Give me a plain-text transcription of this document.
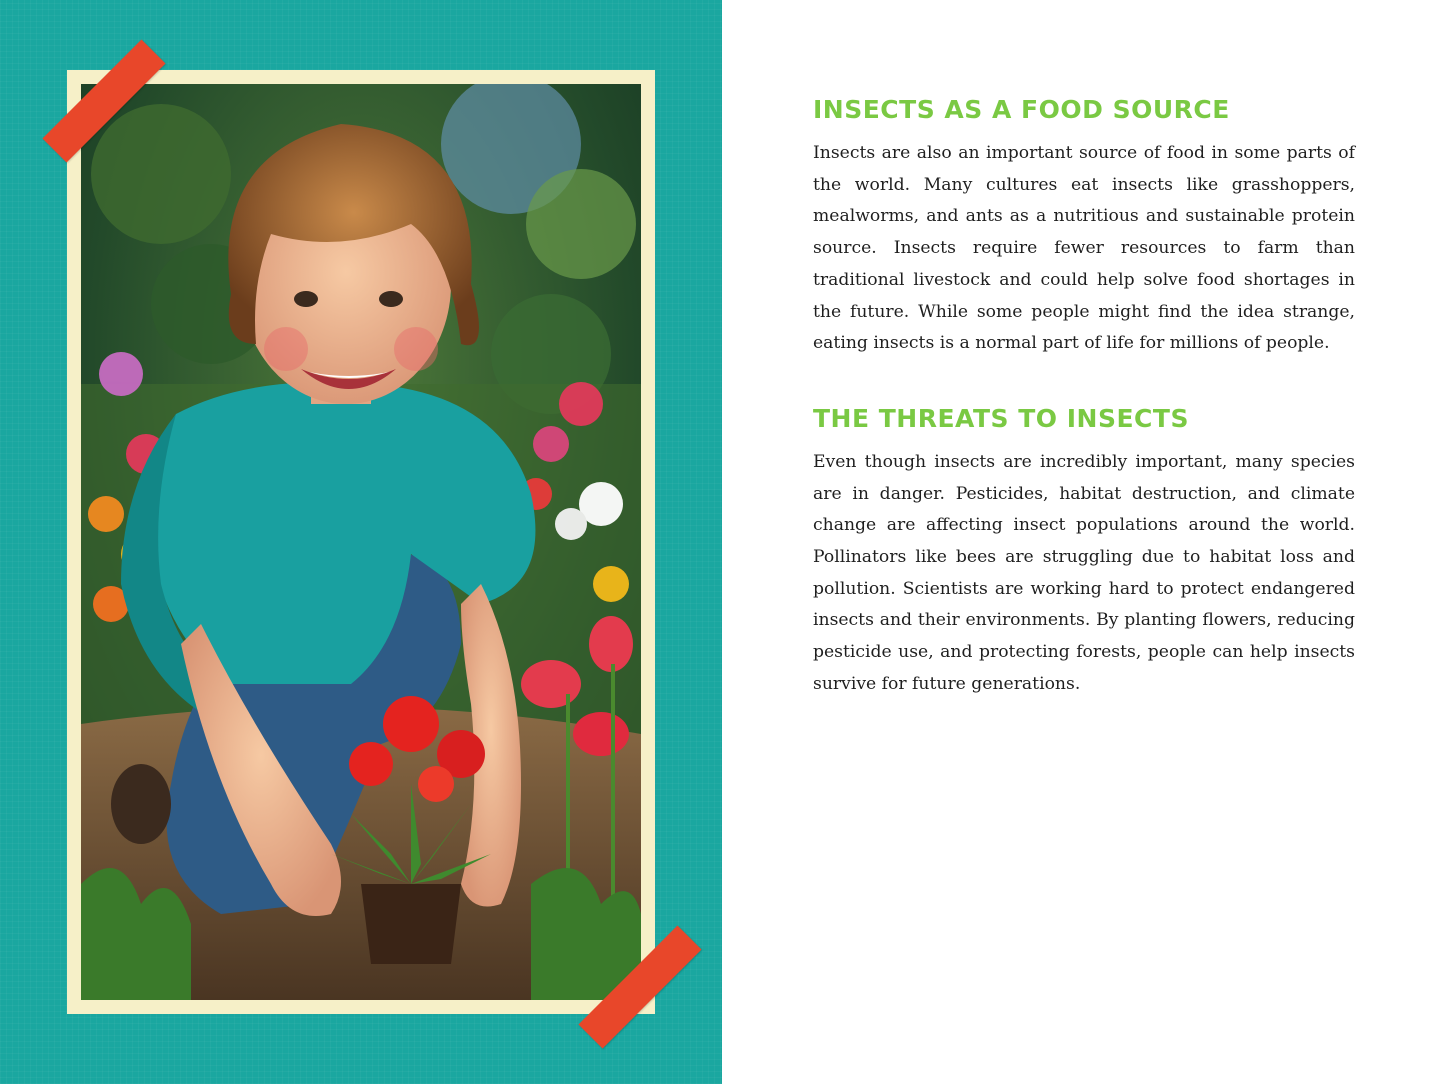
INSECTS AS A FOOD SOURCE

Insects are also an important source of food in some parts of the world. Many cultures eat insects like grasshoppers, mealworms, and ants as a nutritious and sustainable protein source. Insects require fewer resources to farm than traditional livestock and could help solve food shortages in the future. While some people might find the idea strange, eating insects is a normal part of life for millions of people.

THE THREATS TO INSECTS

Even though insects are incredibly important, many species are in danger. Pesticides, habitat destruction, and climate change are affecting insect populations around the world. Pollinators like bees are struggling due to habitat loss and pollution. Scientists are working hard to protect endangered insects and their environments. By planting flowers, reducing pesticide use, and protecting forests, people can help insects survive for future generations.
